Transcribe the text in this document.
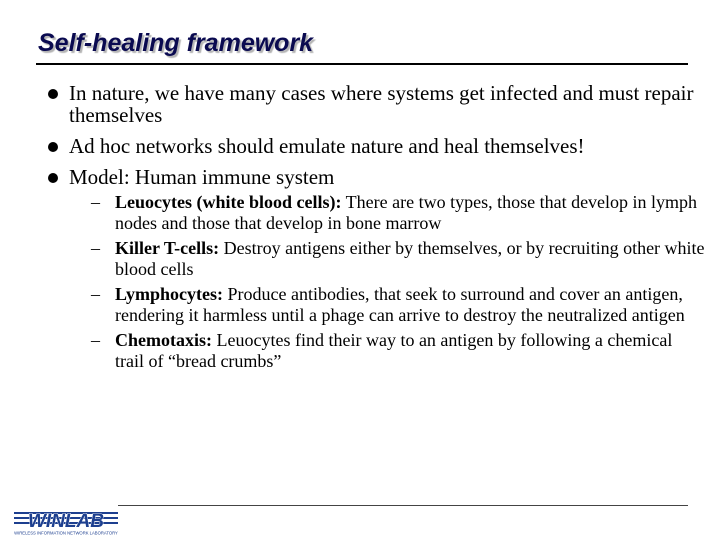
Self-healing framework
In nature, we have many cases where systems get infected and must repair themselves
Ad hoc networks should emulate nature and heal themselves!
Model: Human immune system
– Leuocytes (white blood cells): There are two types, those that develop in lymph nodes and those that develop in bone marrow
– Killer T-cells: Destroy antigens either by themselves, or by recruiting other white blood cells
– Lymphocytes: Produce antibodies, that seek to surround and cover an antigen, rendering it harmless until a phage can arrive to destroy the neutralized antigen
– Chemotaxis: Leuocytes find their way to an antigen by following a chemical trail of “bread crumbs”
WINLAB
WIRELESS INFORMATION NETWORK LABORATORY
